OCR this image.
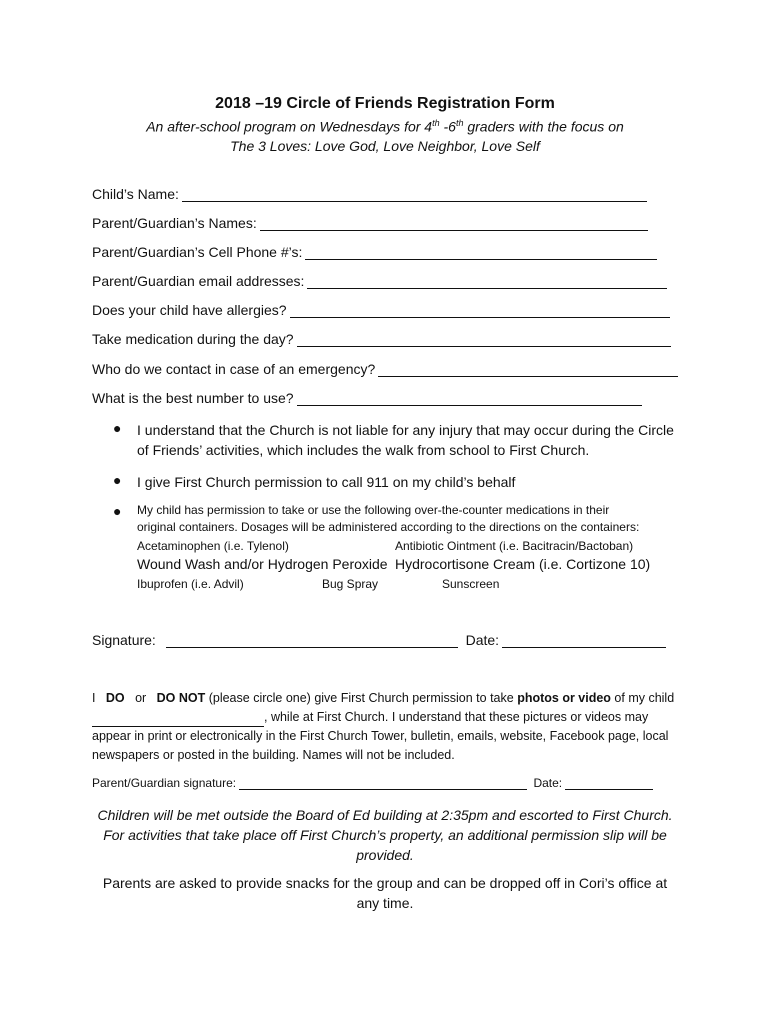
2018 –19 Circle of Friends Registration Form
An after-school program on Wednesdays for 4th -6th graders with the focus on
The 3 Loves: Love God, Love Neighbor, Love Self
Child’s Name:
Parent/Guardian’s Names:
Parent/Guardian’s Cell Phone #’s:
Parent/Guardian email addresses:
Does your child have allergies?
Take medication during the day?
Who do we contact in case of an emergency?
What is the best number to use?
● I understand that the Church is not liable for any injury that may occur during the Circle
of Friends’ activities, which includes the walk from school to First Church.
● I give First Church permission to call 911 on my child’s behalf
● My child has permission to take or use the following over-the-counter medications in their
original containers. Dosages will be administered according to the directions on the containers:
Acetaminophen (i.e. Tylenol)	Antibiotic Ointment (i.e. Bacitracin/Bactoban)
Wound Wash and/or Hydrogen Peroxide Hydrocortisone Cream (i.e. Cortizone 10)
Ibuprofen (i.e. Advil)	Bug Spray	Sunscreen
Signature:	Date:
I DO or DO NOT (please circle one) give First Church permission to take photos or video of my child
, while at First Church. I understand that these pictures or videos may
appear in print or electronically in the First Church Tower, bulletin, emails, website, Facebook page, local
newspapers or posted in the building. Names will not be included.
Parent/Guardian signature:	Date:
Children will be met outside the Board of Ed building at 2:35pm and escorted to First Church. For activities that take place off First Church’s property, an additional permission slip will be provided.
Parents are asked to provide snacks for the group and can be dropped off in Cori’s office at any time.
